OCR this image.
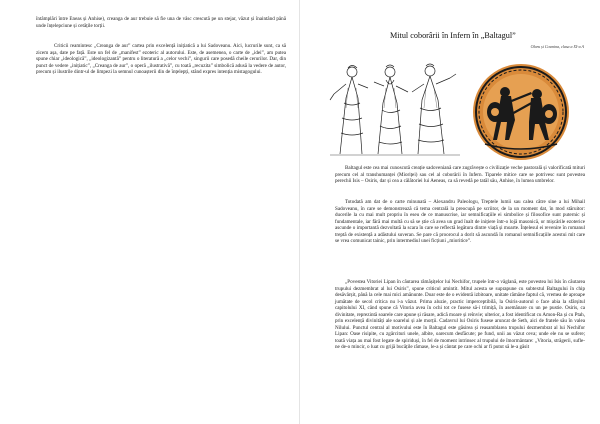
întâmplări între Eneas și Anhise), creanga de aur trebuie să fie una de vâsc crescută pe un stejar, văzut și înaintând până unde înțelepciune și cetățile torții.

Criticii reamintesc „Creanga de aur” cartea prin excelență inițiatică a lui Sadoveanu. Aici, lucrurile sunt, ca să zicem așa, date pe față. Este un fel de „manifest” ezoteric al autorului. Este, de asemenea, o carte de „idei”, am putea spune chiar „ideologică”, „ideologizantă” pentru o literatură a „celor vechi”, singurii care posedă cheile cerurilor. Dar, din punct de vedere „inițiatic”, „Creanga de aur”, o operă „ilustrativă”, cu toată „recuzita” simbolică adusă la vedere de autor, precum și ilustrile dintr-ul de limpezi la semnul cunoașterii din de înțelepți, stând expres intenția mistagogului.

Mitul coborârii în Infern în „Baltagul”
Olaru și Cosmina, clasa a XI-a A

Baltagul este cea mai cunoscută creație sadoveniană care zugrăvește o civilizație veche pastorală și valorificată mituri precum cel al transhumanței (Mioriței) sau cel al coborârii în Infern. Tiparele mitice care se potrivesc sunt povestea perechii Isis – Osiris, dar și cea a călătoriei lui Aeneas, ca să revedă pe tatăl său, Anhise, în lumea umbrelor.

Totodată am dat de o carte minunată – Alexandru Paleologu, Treptele lumii sau calea către sine a lui Mihail Sadoveanu, în care se demonstrează că tema centrală la preocupă pe scriitor, de la un moment dat, în mod stăruitor: ducerile la cu mai mult propriu în eseu de ce manuscrise, iar semnificațiile ei simbolice și filosofice sunt puternic și fundamentale, iar fără mai multă cu să se știe că avea un grad înalt de inițiere într-o lojă masonică, or mișcările ezoterice ascunde o importantă dezvoltată la scara în care se reflectă legătura dintre viață și moarte. Înțelesul ei revenire în romanul treptă de existență a adăstului suveran. Se pare că proorocul a dorit să ascundă în romanul semnificațiile acestui mit care se vrea comunicat tainic, prin intermediul unei ficțiuni „mioritice”.

„Povestea Vitoriei Lipan în căutarea rămășițelor lui Nechifor, trupele într-o vâglană, este povestea lui Isis în căutarea trupului dezmembrat al lui Osiris”, spune criticul amintit. Mitul acesta se suprapune cu subtextul Baltagului în chip desăvârșit, până la cele mai mici amănunte. Doar este de o evidentă izbitoare, unitate rămâne faptul că, vremea de aproape jumătate de secol critica nu l-a văzut. Prima aluzie, practic imperceptibilă, la Osiris-autorul o face abia la sfârșitul capitolului XI, când spune că Vitoria avea în ochi tot ce fusese să-i trimiță, în asemănare cu un pe pustie. Osiris, ca divinitate, reprezintă soarele care apune și răsare, adică moare și reînvie; ulterior, a fost identificat cu Amon-Ra și cu Ptah, prin excelență divinități ale soarelui și ale morții. Cadavrul lui Osiris fusese aruncat de Seth, aici de fratele său în valea Nilului. Punctul central al motivului este în Baltagul este găsirea și reasamblarea trupului dezmembrat al lui Nechifor Lipan: Oase risipite, cu zgârcituri unele, albite, oarecum desfăcute; pe fund, unii au văzut ceva; unde ele nu se sufere; toată viața au mai fost legate de spiriduși, în fel de moment intrinsec al trupului de îmormântare: „Vitoria, străgerii, sufle-ne de-o mincir, o luat cu grijă bucățile rămase, le-a și cântat pe care ochi ar fi putut să le-a găsit
